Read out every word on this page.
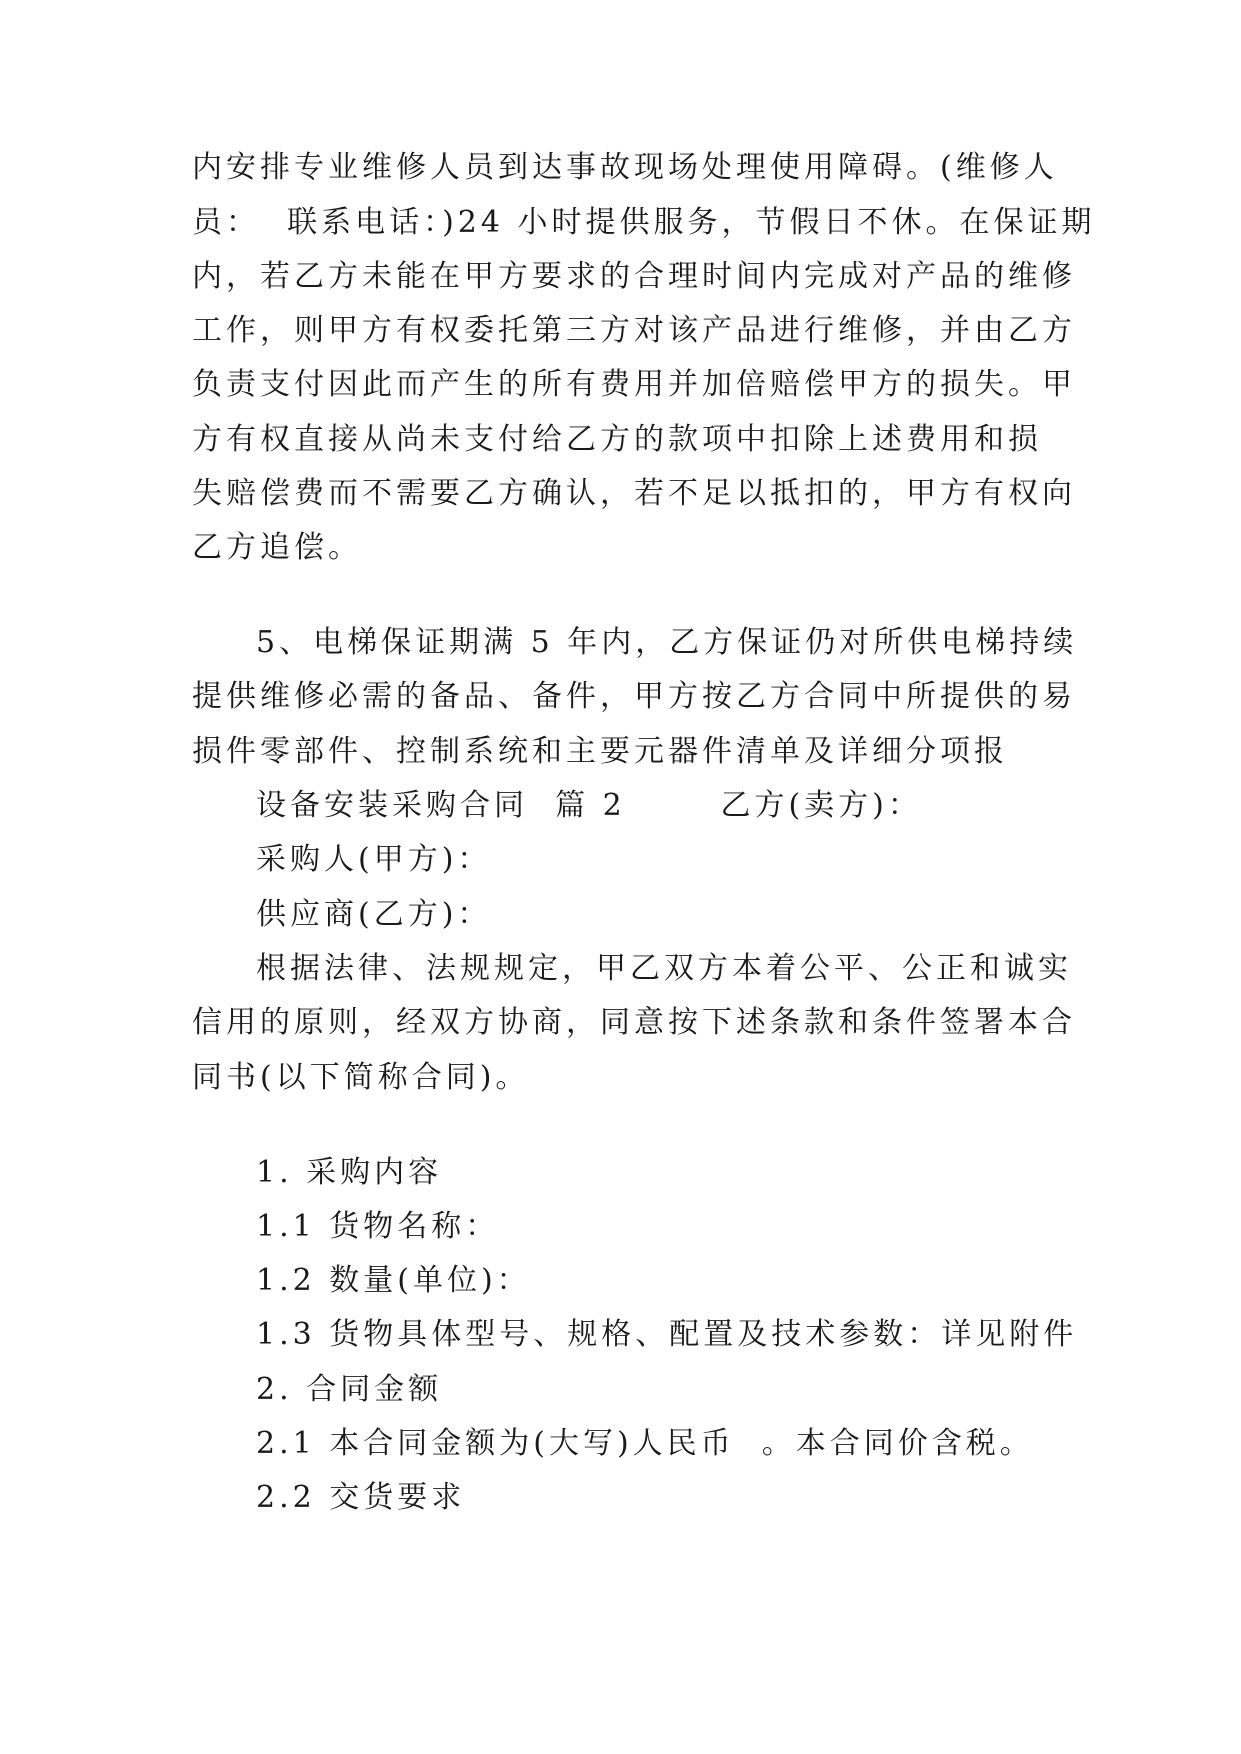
内安排专业维修人员到达事故现场处理使用障碍。(维修人

员：  联系电话：)24 小时提供服务，节假日不休。在保证期

内，若乙方未能在甲方要求的合理时间内完成对产品的维修

工作，则甲方有权委托第三方对该产品进行维修，并由乙方

负责支付因此而产生的所有费用并加倍赔偿甲方的损失。甲

方有权直接从尚未支付给乙方的款项中扣除上述费用和损

失赔偿费而不需要乙方确认，若不足以抵扣的，甲方有权向

乙方追偿。

5、电梯保证期满 5 年内，乙方保证仍对所供电梯持续

提供维修必需的备品、备件，甲方按乙方合同中所提供的易

损件零部件、控制系统和主要元器件清单及详细分项报

设备安装采购合同  篇 2       乙方(卖方)：

采购人(甲方)：

供应商(乙方)：

根据法律、法规规定，甲乙双方本着公平、公正和诚实

信用的原则，经双方协商，同意按下述条款和条件签署本合

同书(以下简称合同)。

1. 采购内容

1.1 货物名称：

1.2 数量(单位)：

1.3 货物具体型号、规格、配置及技术参数：详见附件

2. 合同金额

2.1 本合同金额为(大写)人民币  。本合同价含税。

2.2 交货要求
